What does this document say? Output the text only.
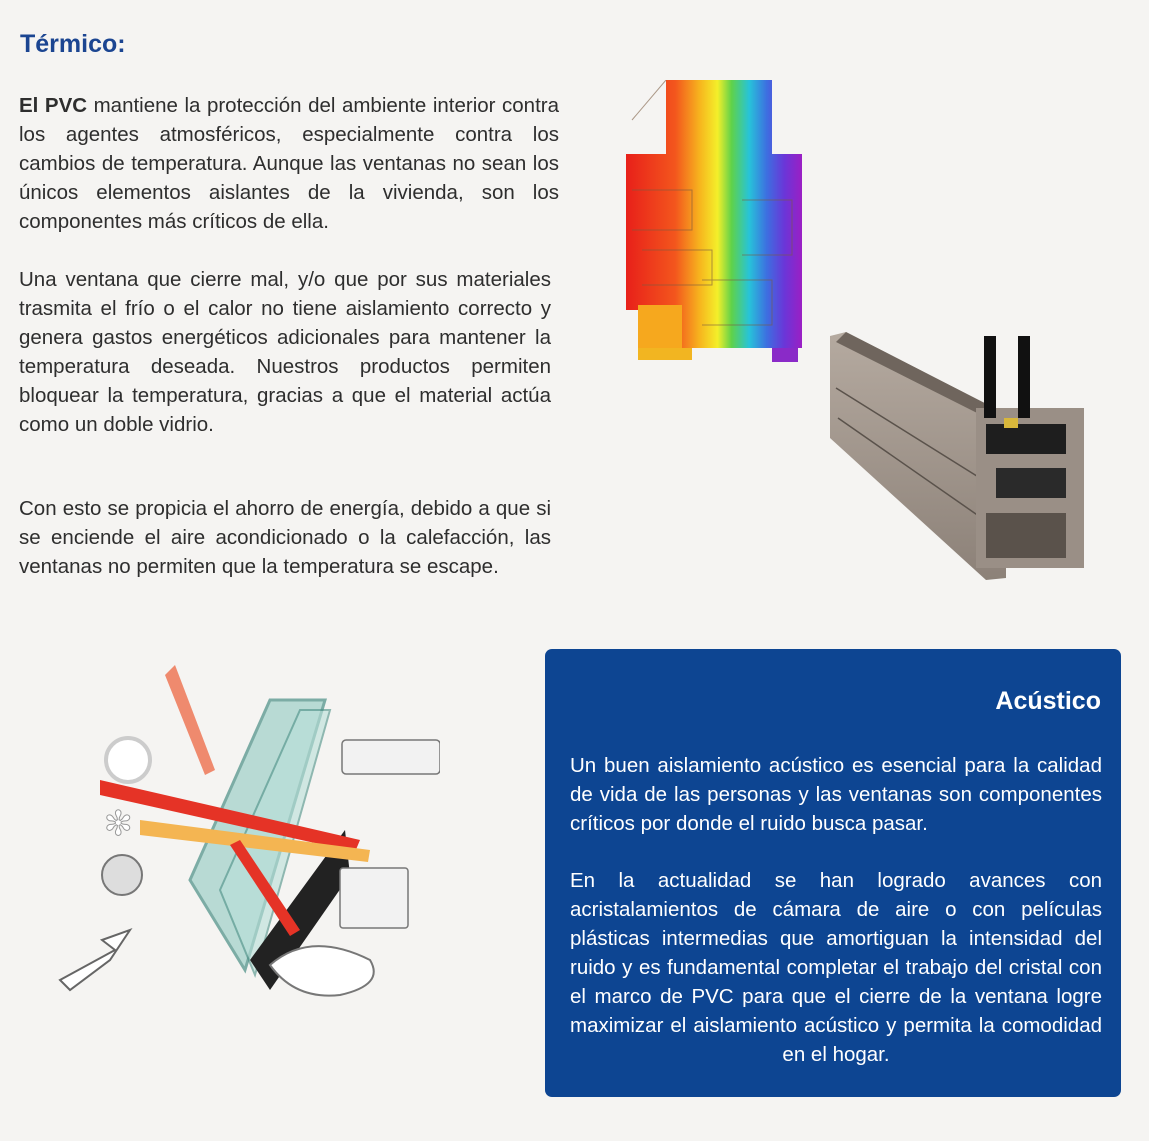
Térmico:

El PVC mantiene la protección del ambiente interior contra los agentes atmosféricos, especialmente contra los cambios de temperatura. Aunque las ventanas no sean los únicos elementos aislantes de la vivienda, son los componentes más críticos de ella.

Una ventana que cierre mal, y/o que por sus materiales trasmita el frío o el calor no tiene aislamiento correcto y genera gastos energéticos adicionales para mantener la temperatura deseada. Nuestros productos permiten bloquear la temperatura, gracias a que el material actúa como un doble vidrio.

Con esto se propicia el ahorro de energía, debido a que si se enciende el aire acondicionado o la calefacción, las ventanas no permiten que la temperatura se escape.

✻
Acústico

Un buen aislamiento acústico es esencial para la calidad de vida de las personas y las ventanas son componentes críticos por donde el ruido busca pasar.

En la actualidad se han logrado avances con acristalamientos de cámara de aire o con películas plásticas intermedias que amortiguan la intensidad del ruido y es fundamental completar el trabajo del cristal con el marco de PVC para que el cierre de la ventana logre maximizar el aislamiento acústico y permita la comodidad en el hogar.
